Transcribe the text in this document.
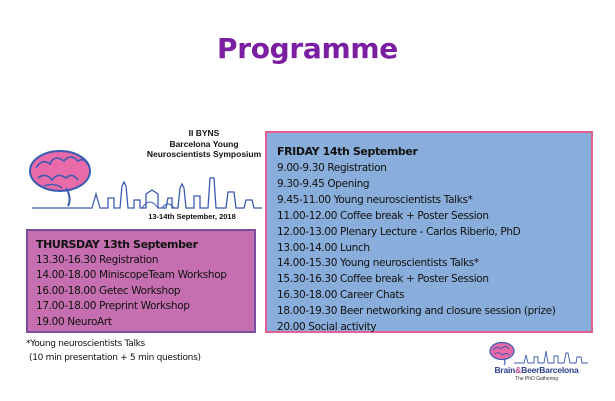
Programme
II BYNS
Barcelona Young
Neuroscientists Symposium
13-14th September, 2018
THURSDAY 13th September
13.30-16.30 Registration
14.00-18.00 MiniscopeTeam Workshop
16.00-18.00 Getec Workshop
17.00-18.00 Preprint Workshop
19.00 NeuroArt
FRIDAY 14th September
9.00-9.30 Registration
9.30-9.45 Opening
9.45-11.00 Young neuroscientists Talks*
11.00-12.00 Coffee break + Poster Session
12.00-13.00 Plenary Lecture - Carlos Riberio, PhD
13.00-14.00 Lunch
14.00-15.30 Young neuroscientists Talks*
15.30-16.30 Coffee break + Poster Session
16.30-18.00 Career Chats
18.00-19.30 Beer networking and closure session (prize)
20.00 Social activity
*Young neuroscientists Talks
(10 min presentation + 5 min questions)
Brain&BeerBarcelona
The PhD Gathering
